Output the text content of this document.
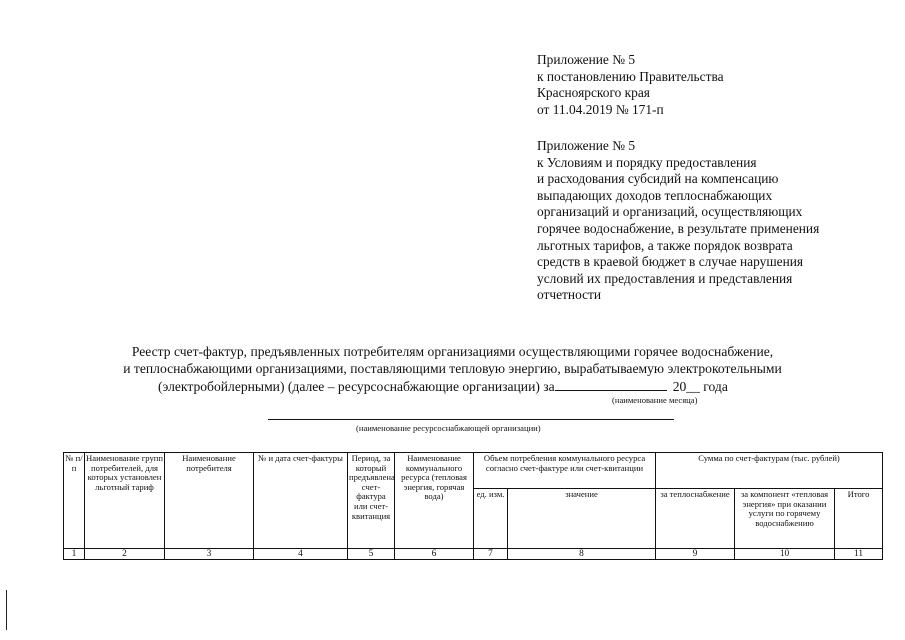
Приложение № 5
к постановлению Правительства
Красноярского края
от 11.04.2019 № 171-п
Приложение № 5
к Условиям и порядку предоставления
и расходования субсидий на компенсацию
выпадающих доходов теплоснабжающих
организаций и организаций, осуществляющих
горячее водоснабжение, в результате применения
льготных тарифов, а также порядок возврата
средств в краевой бюджет в случае нарушения
условий их предоставления и представления
отчетности
Реестр счет-фактур, предъявленных потребителям организациями осуществляющими горячее водоснабжение,
и теплоснабжающими организациями, поставляющими тепловую энергию, вырабатываемую электрокотельными
(электробойлерными) (далее – ресурсоснабжающие организации) за	20__ года
(наименование месяца)
(наименование ресурсоснабжающей организации)
№ п/п	Наименование групп потребителей, для которых установлен льготный тариф	Наименование потребителя	№ и дата счет-фактуры	Период, за который предъявлена счет-фактура или счет-квитанция	Наименование коммунального ресурса (тепловая энергия, горячая вода)	Объем потребления коммунального ресурса согласно счет-фактуре или счет-квитанции		Сумма по счет-фактурам (тыс. рублей)		
						ед. изм.	значение	за теплоснабжение	за компонент «тепловая энергия» при оказании услуги по горячему водоснабжению	Итого
1	2	3	4	5	6	7	8	9	10	11
